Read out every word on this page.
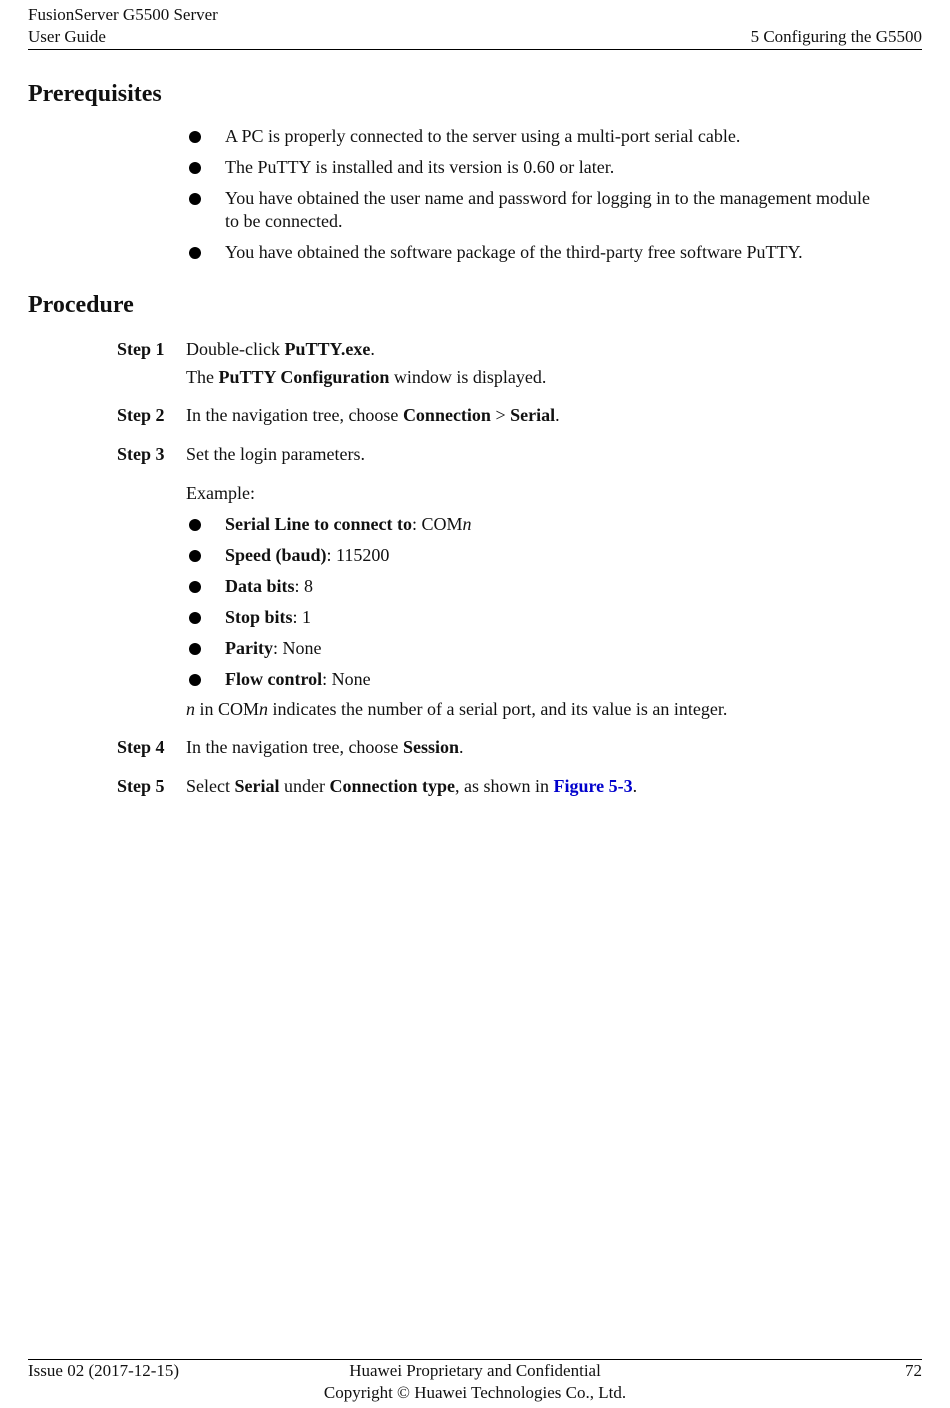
FusionServer G5500 Server
User Guide	5 Configuring the G5500
Prerequisites
A PC is properly connected to the server using a multi-port serial cable.
The PuTTY is installed and its version is 0.60 or later.
You have obtained the user name and password for logging in to the management module to be connected.
You have obtained the software package of the third-party free software PuTTY.
Procedure
Step 1	Double-click PuTTY.exe.
The PuTTY Configuration window is displayed.
Step 2	In the navigation tree, choose Connection > Serial.
Step 3	Set the login parameters.
Example:
Serial Line to connect to: COMn
Speed (baud): 115200
Data bits: 8
Stop bits: 1
Parity: None
Flow control: None
n in COMn indicates the number of a serial port, and its value is an integer.
Step 4	In the navigation tree, choose Session.
Step 5	Select Serial under Connection type, as shown in Figure 5-3.
Issue 02 (2017-12-15)	Huawei Proprietary and Confidential
Copyright © Huawei Technologies Co., Ltd.
72
